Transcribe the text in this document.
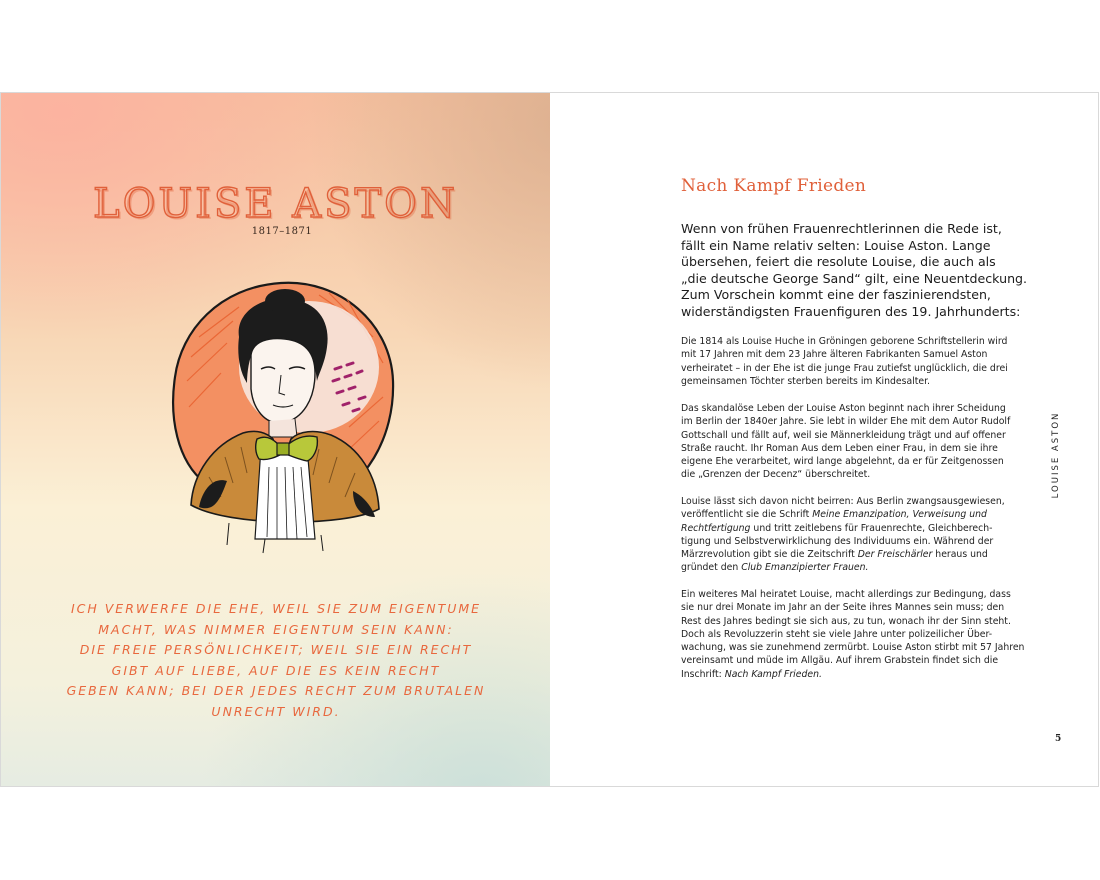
LOUISE ASTON
1817–1871
ICH VERWERFE DIE EHE, WEIL SIE ZUM EIGENTUME
MACHT, WAS NIMMER EIGENTUM SEIN KANN:
DIE FREIE PERSÖNLICHKEIT; WEIL SIE EIN RECHT
GIBT AUF LIEBE, AUF DIE ES KEIN RECHT
GEBEN KANN; BEI DER JEDES RECHT ZUM BRUTALEN
UNRECHT WIRD.
Nach Kampf Frieden
Wenn von frühen Frauenrechtlerinnen die Rede ist,
fällt ein Name relativ selten: Louise Aston. Lange
übersehen, feiert die resolute Louise, die auch als
„die deutsche George Sand“ gilt, eine Neuentdeckung.
Zum Vorschein kommt eine der faszinierendsten,
widerständigsten Frauenfiguren des 19. Jahrhunderts:
Die 1814 als Louise Huche in Gröningen geborene Schriftstellerin wird
mit 17 Jahren mit dem 23 Jahre älteren Fabrikanten Samuel Aston
verheiratet – in der Ehe ist die junge Frau zutiefst unglücklich, die drei
gemeinsamen Töchter sterben bereits im Kindesalter.
Das skandalöse Leben der Louise Aston beginnt nach ihrer Scheidung
im Berlin der 1840er Jahre. Sie lebt in wilder Ehe mit dem Autor Rudolf
Gottschall und fällt auf, weil sie Männerkleidung trägt und auf offener
Straße raucht. Ihr Roman Aus dem Leben einer Frau, in dem sie ihre
eigene Ehe verarbeitet, wird lange abgelehnt, da er für Zeitgenossen
die „Grenzen der Decenz“ überschreitet.
Louise lässt sich davon nicht beirren: Aus Berlin zwangsausgewiesen,
veröffentlicht sie die Schrift Meine Emanzipation, Verweisung und
Rechtfertigung und tritt zeitlebens für Frauenrechte, Gleichberech-
tigung und Selbstverwirklichung des Individuums ein. Während der
Märzrevolution gibt sie die Zeitschrift Der Freischärler heraus und
gründet den Club Emanzipierter Frauen.
Ein weiteres Mal heiratet Louise, macht allerdings zur Bedingung, dass
sie nur drei Monate im Jahr an der Seite ihres Mannes sein muss; den
Rest des Jahres bedingt sie sich aus, zu tun, wonach ihr der Sinn steht.
Doch als Revoluzzerin steht sie viele Jahre unter polizeilicher Über-
wachung, was sie zunehmend zermürbt. Louise Aston stirbt mit 57 Jahren
vereinsamt und müde im Allgäu. Auf ihrem Grabstein findet sich die
Inschrift: Nach Kampf Frieden.
LOUISE ASTON
5
